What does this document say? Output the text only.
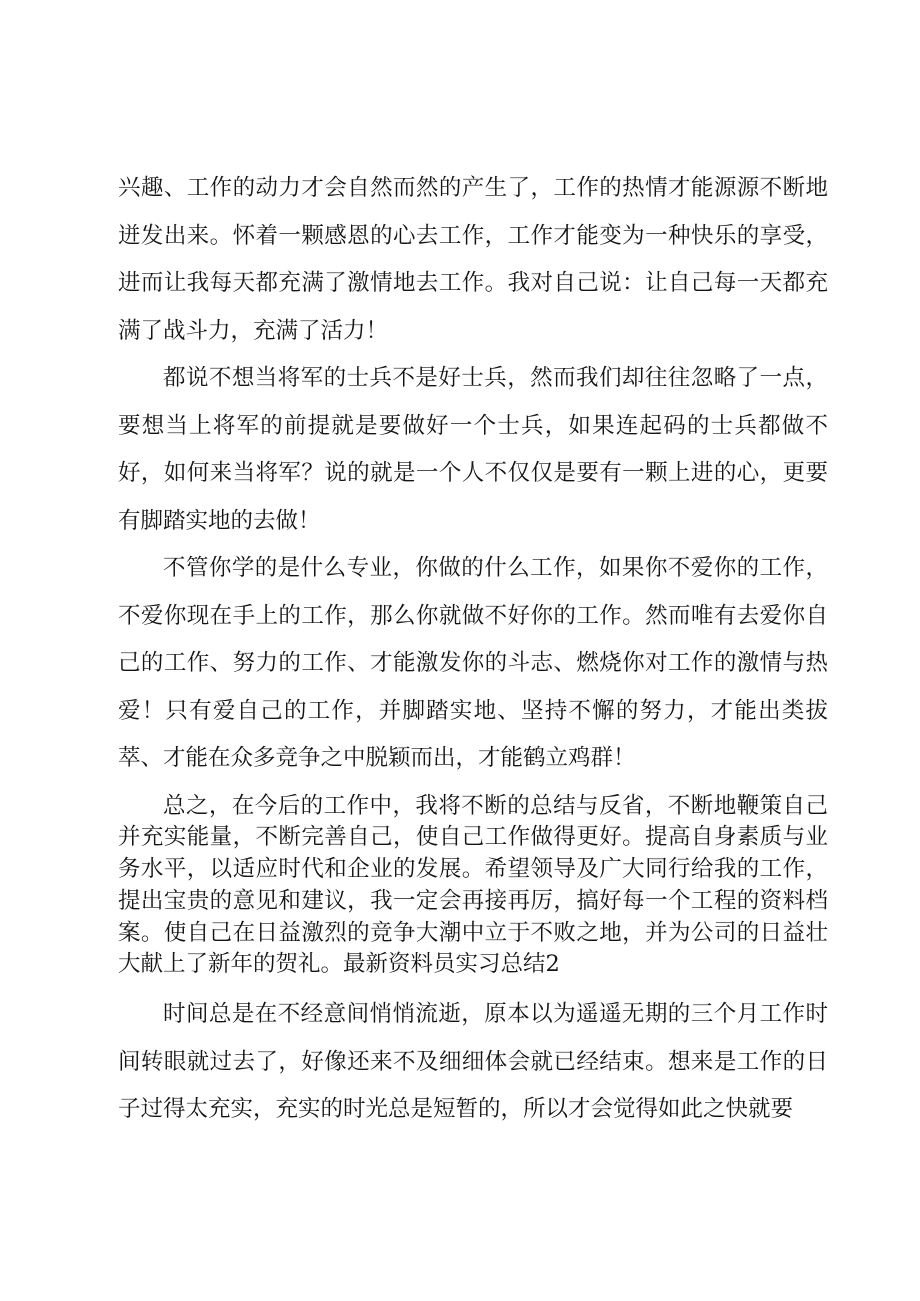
兴趣、工作的动力才会自然而然的产生了，工作的热情才能源源不断地迸发出来。怀着一颗感恩的心去工作，工作才能变为一种快乐的享受，进而让我每天都充满了激情地去工作。我对自己说：让自己每一天都充满了战斗力，充满了活力！

都说不想当将军的士兵不是好士兵，然而我们却往往忽略了一点，要想当上将军的前提就是要做好一个士兵，如果连起码的士兵都做不好，如何来当将军？说的就是一个人不仅仅是要有一颗上进的心，更要有脚踏实地的去做！

不管你学的是什么专业，你做的什么工作，如果你不爱你的工作，不爱你现在手上的工作，那么你就做不好你的工作。然而唯有去爱你自己的工作、努力的工作、才能激发你的斗志、燃烧你对工作的激情与热爱！只有爱自己的工作，并脚踏实地、坚持不懈的努力，才能出类拔萃、才能在众多竞争之中脱颖而出，才能鹤立鸡群！

总之，在今后的工作中，我将不断的总结与反省，不断地鞭策自己并充实能量，不断完善自己，使自己工作做得更好。提高自身素质与业务水平，以适应时代和企业的发展。希望领导及广大同行给我的工作，提出宝贵的意见和建议，我一定会再接再厉，搞好每一个工程的资料档案。使自己在日益激烈的竞争大潮中立于不败之地，并为公司的日益壮大献上了新年的贺礼。最新资料员实习总结2

时间总是在不经意间悄悄流逝，原本以为遥遥无期的三个月工作时间转眼就过去了，好像还来不及细细体会就已经结束。想来是工作的日子过得太充实，充实的时光总是短暂的，所以才会觉得如此之快就要
